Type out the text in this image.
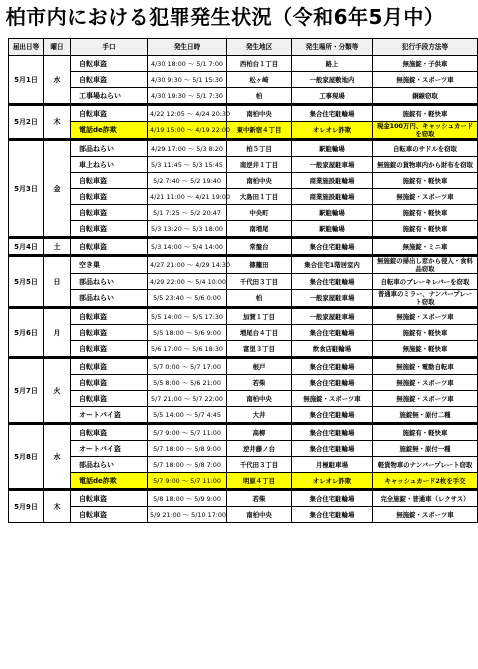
柏市内における犯罪発生状況（令和6年5月中）
届出日等	曜日	手口	発生日時	発生地区	発生場所・分類等	犯行手段方法等
5月1日	水	自転車盗	4/30 18:00 ～ 5/1 7:00	西柏台１丁目	路上	無施錠・子供車
		自転車盗	4/30 9:30 ～ 5/1 15:30	松ヶ崎	一般家屋敷地内	無施錠・スポーツ車
		工事場ねらい	4/30 19:30 ～ 5/1 7:30	柏	工事現場	銅線窃取
5月2日	木	自転車盗	4/22 12:05 ～ 4/24 20:30	南柏中央	集合住宅駐輪場	施錠有・軽快車
		電話de詐欺	4/19 15:00 ～ 4/19 22:00	東中新宿４丁目	オレオレ詐欺	現金100万円、キャッシュカードを窃取
5月3日	金	部品ねらい	4/29 17:00 ～ 5/3 8:20	柏５丁目	駅駐輪場	自転車のサドルを窃取
		車上ねらい	5/3 11:45 ～ 5/3 15:45	南逆井１丁目	一般家屋駐車場	無施錠の貨物車内から財布を窃取
		自転車盗	5/2 7:40 ～ 5/2 19:40	南柏中央	商業施設駐輪場	施錠有・軽快車
		自転車盗	4/21 11:00 ～ 4/21 19:00	大島田１丁目	商業施設駐輪場	無施錠・スポーツ車
		自転車盗	5/1 7:25 ～ 5/2 20:47	中央町	駅駐輪場	施錠有・軽快車
		自転車盗	5/3 13:20 ～ 5/3 18:00	南増尾	駅駐輪場	施錠有・軽快車
5月4日	土	自転車盗	5/3 14:00 ～ 5/4 14:00	常盤台	集合住宅駐輪場	無施錠・ミニ車
5月5日	日	空き巣	4/27 21:00 ～ 4/29 14:30	篠籠田	集合住宅1階居室内	無施錠の掃出し窓から侵入・食料品窃取
		部品ねらい	4/29 22:00 ～ 5/4 10:00	千代田３丁目	集合住宅駐輪場	自転車のブレーキレバーを窃取
		部品ねらい	5/5 23:40 ～ 5/6 0:00	柏	一般家屋駐車場	普通車のミラー、ナンバープレート窃取
5月6日	月	自転車盗	5/5 14:00 ～ 5/5 17:30	加賀１丁目	一般家屋駐車場	無施錠・スポーツ車
		自転車盗	5/5 18:00 ～ 5/6 9:00	増尾台４丁目	集合住宅駐輪場	施錠有・軽快車
		自転車盗	5/6 17:00 ～ 5/6 18:30	富里３丁目	飲食店駐輪場	無施錠・軽快車
5月7日	火	自転車盗	5/7 0:00 ～ 5/7 17:00	根戸	集合住宅駐輪場	無施錠・電動自転車
		自転車盗	5/5 8:00 ～ 5/6 21:00	若柴	集合住宅駐輪場	無施錠・スポーツ車
		自転車盗	5/7 21:00 ～ 5/7 22:00	南柏中央	無施錠・スポーツ車	無施錠・スポーツ車
		オートバイ盗	5/5 14:00 ～ 5/7 4:45	大井	集合住宅駐輪場	施錠無・原付二種
5月8日	水	自転車盗	5/7 9:00 ～ 5/7 11:00	高柳	集合住宅駐輪場	施錠有・軽快車
		オートバイ盗	5/7 18:00 ～ 5/8 9:00	逆井藤ノ台	集合住宅駐輪場	施錠無・原付一種
		部品ねらい	5/7 18:00 ～ 5/8 7:00	千代田３丁目	月極駐車場	軽貨物車のナンバープレート窃取
		電話de詐欺	5/7 9:00 ～ 5/7 11:00	明原４丁目	オレオレ詐欺	キャッシュカード2枚を手交
5月9日	木	自転車盗	5/8 18:00 ～ 5/9 9:00	若柴	集合住宅駐輪場	完全施錠・普通車（レクサス）
		自転車盗	5/9 21:00 ～ 5/10 17:00	南柏中央	集合住宅駐輪場	無施錠・スポーツ車
